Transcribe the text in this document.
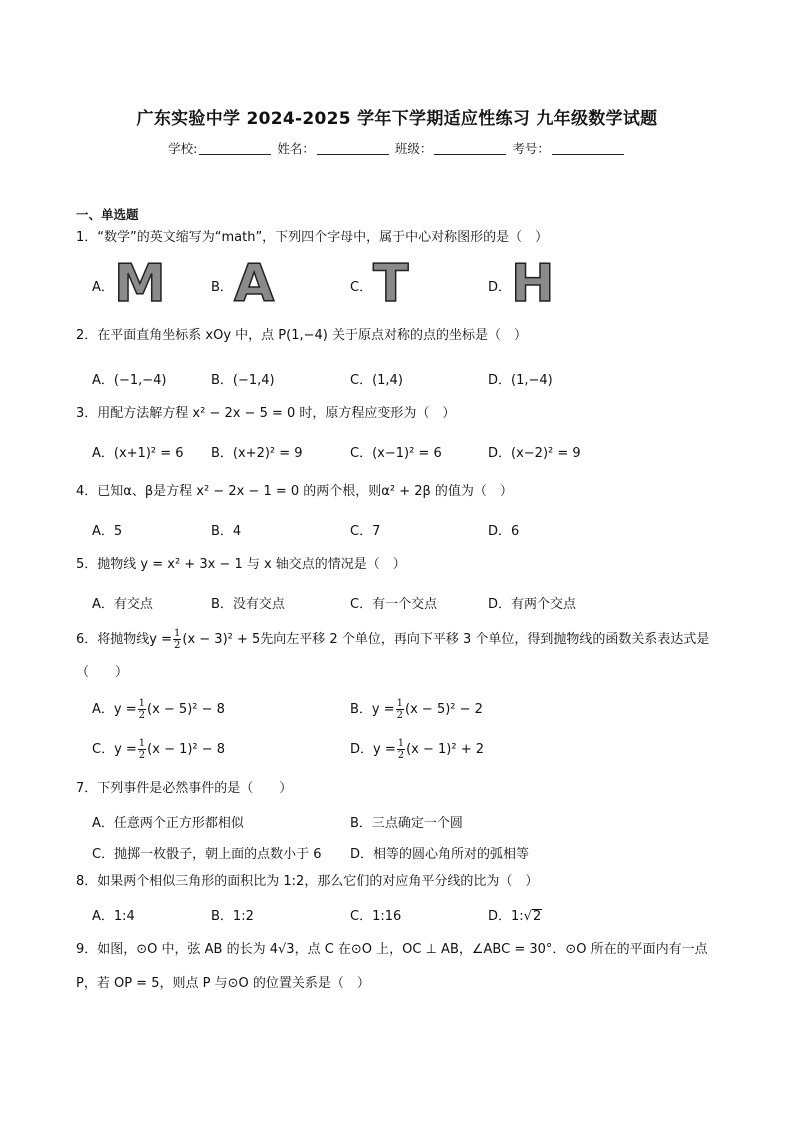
广东实验中学 2024-2025 学年下学期适应性练习 九年级数学试题
学校:	姓名：	班级：	考号：
一、单选题
1．“数学”的英文缩写为“math”，下列四个字母中，属于中心对称图形的是（　）
A． M	B． A	C． T	D． H
2．在平面直角坐标系 xOy 中，点 P(1,−4) 关于原点对称的点的坐标是（　）
A．(−1,−4)	B．(−1,4)	C．(1,4)	D．(1,−4)
3．用配方法解方程 x² − 2x − 5 = 0 时，原方程应变形为（　）
A．(x+1)² = 6 B．(x+2)² = 9	C．(x−1)² = 6	D．(x−2)² = 9
4．已知α、β是方程 x² − 2x − 1 = 0 的两个根，则α² + 2β 的值为（　）
A．5	B．4	C．7	D．6
5．抛物线 y = x² + 3x − 1 与 x 轴交点的情况是（　）
A．有交点	B．没有交点	C．有一个交点	D．有两个交点
6．将抛物线$y = \frac{1}{2} (x - 3)^2 + 5$先向左平移 2 个单位，再向下平移 3 个单位，得到抛物线的函数关系表达式是
（　　）
A．$y = \frac{1}{2} (x - 5)^2 - 8$	B．$y = \frac{1}{2} (x - 5)^2 - 2$
C．$y = \frac{1}{2} (x - 1)^2 - 8$	D．$y = \frac{1}{2} (x - 1)^2 + 2$
7．下列事件是必然事件的是（　　）
A．任意两个正方形都相似	B．三点确定一个圆
C．抛掷一枚骰子，朝上面的点数小于 6 D．相等的圆心角所对的弧相等
8．如果两个相似三角形的面积比为 1:2，那么它们的对应角平分线的比为（　）
A．1:4	B．1:2	C．1:16	D．1:√2
9．如图，⊙O 中，弦 AB 的长为 4√3，点 C 在⊙O 上，OC ⊥ AB，∠ABC = 30°．⊙O 所在的平面内有一点
P，若 OP = 5，则点 P 与⊙O 的位置关系是（　）
